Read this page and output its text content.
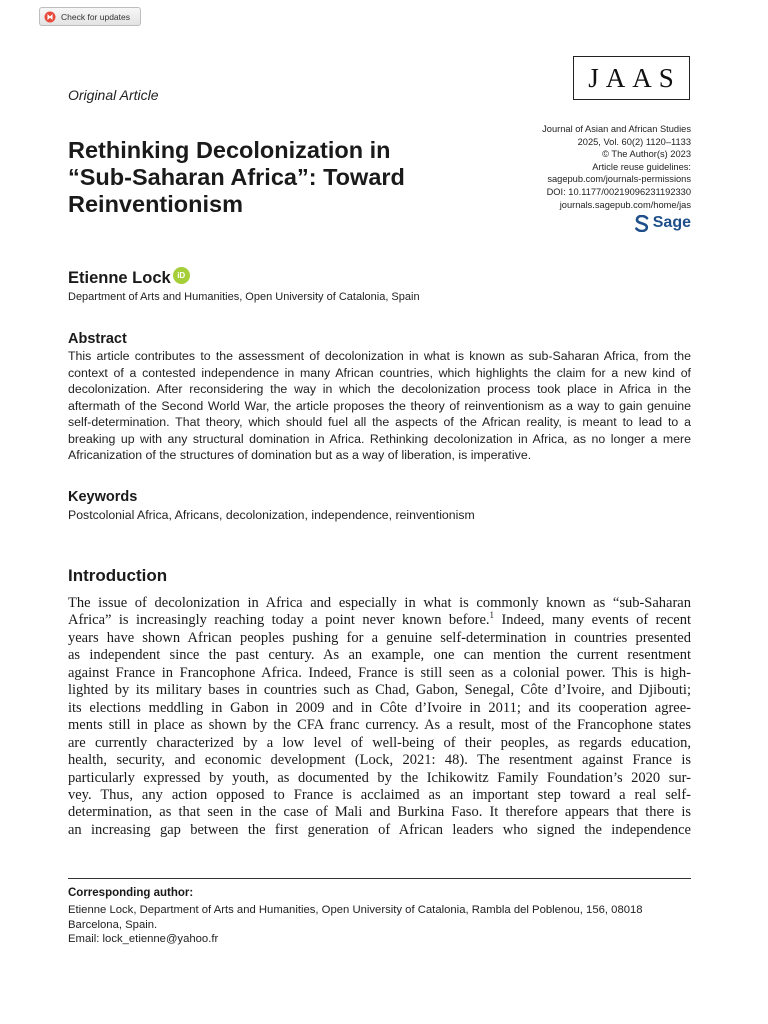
Check for updates
Original Article
JAAS
Journal of Asian and African Studies
2025, Vol. 60(2) 1120–1133
© The Author(s) 2023
Article reuse guidelines:
sagepub.com/journals-permissions
DOI: 10.1177/00219096231192330
journals.sagepub.com/home/jas
Sage
Rethinking Decolonization in
“Sub-Saharan Africa”: Toward
Reinventionism
Etienne Lock iD
Department of Arts and Humanities, Open University of Catalonia, Spain
Abstract
This article contributes to the assessment of decolonization in what is known as sub-Saharan Africa, from the context of a contested independence in many African countries, which highlights the claim for a new kind of decolonization. After reconsidering the way in which the decolonization process took place in Africa in the aftermath of the Second World War, the article proposes the theory of reinventionism as a way to gain genuine self-determination. That theory, which should fuel all the aspects of the African reality, is meant to lead to a breaking up with any structural domination in Africa. Rethinking decolonization in Africa, as no longer a mere Africanization of the structures of domination but as a way of liberation, is imperative.
Keywords
Postcolonial Africa, Africans, decolonization, independence, reinventionism
Introduction
The issue of decolonization in Africa and especially in what is commonly known as “sub-Saharan
Africa” is increasingly reaching today a point never known before.$^1$ Indeed, many events of recent
years have shown African peoples pushing for a genuine self-determination in countries presented
as independent since the past century. As an example, one can mention the current resentment
against France in Francophone Africa. Indeed, France is still seen as a colonial power. This is high-
lighted by its military bases in countries such as Chad, Gabon, Senegal, Côte d’Ivoire, and Djibouti;
its elections meddling in Gabon in 2009 and in Côte d’Ivoire in 2011; and its cooperation agree-
ments still in place as shown by the CFA franc currency. As a result, most of the Francophone states
are currently characterized by a low level of well-being of their peoples, as regards education,
health, security, and economic development (Lock, 2021: 48). The resentment against France is
particularly expressed by youth, as documented by the Ichikowitz Family Foundation’s 2020 sur-
vey. Thus, any action opposed to France is acclaimed as an important step toward a real self-
determination, as that seen in the case of Mali and Burkina Faso. It therefore appears that there is
an increasing gap between the first generation of African leaders who signed the independence
Corresponding author:
Etienne Lock, Department of Arts and Humanities, Open University of Catalonia, Rambla del Poblenou, 156, 08018
Barcelona, Spain.
Email: lock_etienne@yahoo.fr
